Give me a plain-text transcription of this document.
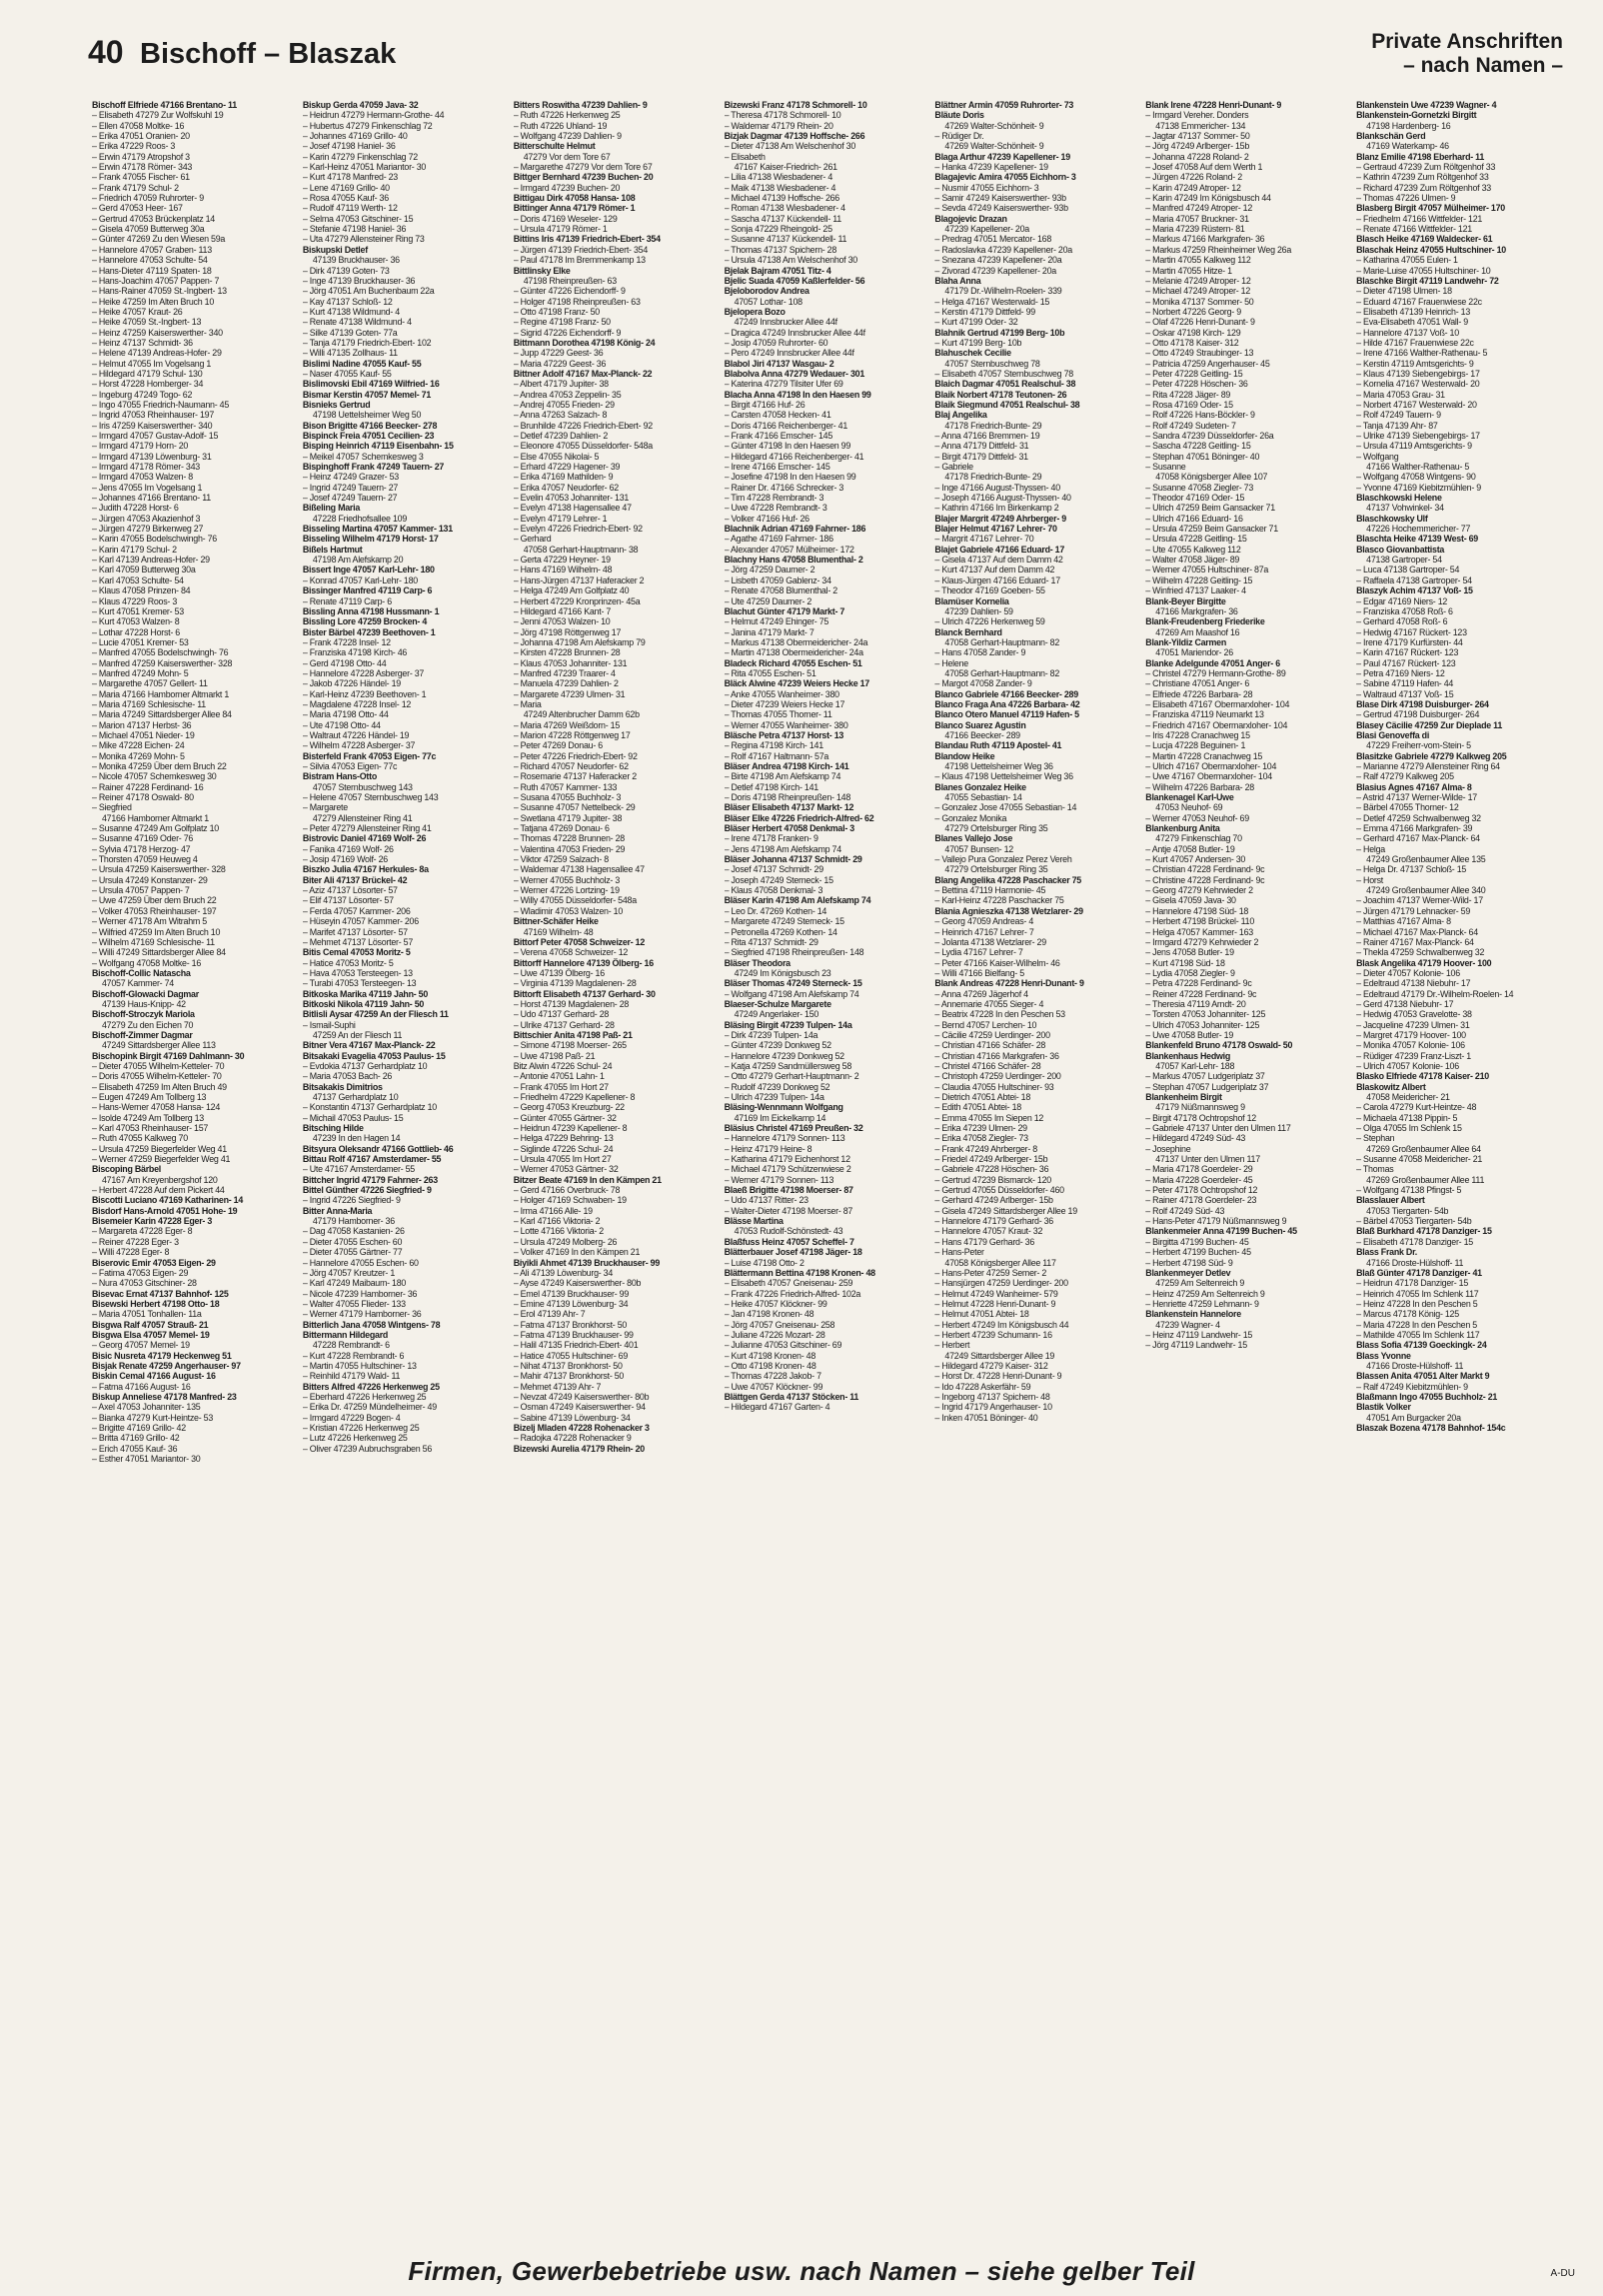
40 Bischoff – Blaszak	Private Anschriften
– nach Namen –
Bischoff Elfriede 47166 Brentano- 11
– Elisabeth 47279 Zur Wolfskuhl 19
– Ellen 47058 Moltke- 16
– Erika 47051 Oranien- 20
– Erika 47229 Roos- 3
– Erwin 47179 Atropshof 3
– Erwin 47178 Römer- 343
– Frank 47055 Fischer- 61
– Frank 47179 Schul- 2
– Friedrich 47059 Ruhrorter- 9
– Gerd 47053 Heer- 167
– Gertrud 47053 Brückenplatz 14
– Gisela 47059 Butterweg 30a
– Günter 47269 Zu den Wiesen 59a
– Hannelore 47057 Graben- 113
– Hannelore 47053 Schulte- 54
– Hans-Dieter 47119 Spaten- 18
– Hans-Joachim 47057 Pappen- 7
– Hans-Rainer 47059 St.-Ingbert- 13
– Heike 47259 Im Alten Bruch 10
– Heike 47057 Kraut- 26
– Heike 47059 St.-Ingbert- 13
– Heinz 47259 Kaiserswerther- 340
– Heinz 47137 Schmidt- 36
– Helene 47139 Andreas-Hofer- 29
– Helmut 47055 Im Vogelsang 1
– Hildegard 47179 Schul- 130
– Horst 47228 Homberger- 34
– Ingeburg 47249 Togo- 62
– Ingo 47055 Friedrich-Naumann- 45
– Ingrid 47053 Rheinhauser- 197
– Iris 47259 Kaiserswerther- 340
– Irmgard 47057 Gustav-Adolf- 15
– Irmgard 47179 Horn- 20
– Irmgard 47139 Löwenburg- 31
– Irmgard 47178 Römer- 343
– Irmgard 47053 Walzen- 8
– Jens 47055 Im Vogelsang 1
– Johannes 47166 Brentano- 11
– Judith 47228 Horst- 6
– Jürgen 47053 Akazienhof 3
– Jürgen 47279 Birkenweg 27
– Karin 47055 Bodelschwingh- 76
– Karin 47179 Schul- 2
– Karl 47139 Andreas-Hofer- 29
– Karl 47059 Butterweg 30a
– Karl 47053 Schulte- 54
– Klaus 47058 Prinzen- 84
– Klaus 47229 Roos- 3
– Kurt 47051 Kremer- 53
– Kurt 47053 Walzen- 8
– Lothar 47228 Horst- 6
– Lucie 47051 Kremer- 53
– Manfred 47055 Bodelschwingh- 76
– Manfred 47259 Kaiserswerther- 328
– Manfred 47249 Mohn- 5
– Margarethe 47057 Gellert- 11
– Maria 47166 Hamborner Altmarkt 1
– Maria 47169 Schlesische- 11
– Maria 47249 Sittardsberger Allee 84
– Marion 47137 Herbst- 36
– Michael 47051 Nieder- 19
– Mike 47228 Eichen- 24
– Monika 47269 Mohn- 5
– Monika 47259 Über dem Bruch 22
– Nicole 47057 Schemkesweg 30
– Rainer 47228 Ferdinand- 16
– Reiner 47178 Oswald- 80
– Siegfried
47166 Hamborner Altmarkt 1
– Susanne 47249 Am Golfplatz 10
– Susanne 47169 Oder- 76
– Sylvia 47178 Herzog- 47
– Thorsten 47059 Heuweg 4
– Ursula 47259 Kaiserswerther- 328
– Ursula 47249 Konstanzer- 29
– Ursula 47057 Pappen- 7
– Uwe 47259 Über dem Bruch 22
– Volker 47053 Rheinhauser- 197
– Werner 47178 Am Witrahm 5
– Wilfried 47259 Im Alten Bruch 10
– Wilhelm 47169 Schlesische- 11
– Willi 47249 Sittardsberger Allee 84
– Wolfgang 47058 Moltke- 16
Bischoff-Collic Natascha
47057 Kammer- 74
Bischoff-Glowacki Dagmar
47139 Haus-Knipp- 42
Bischoff-Stroczyk Mariola
47279 Zu den Eichen 70
Bischoff-Zimmer Dagmar
47249 Sittardsberger Allee 113
Bischopink Birgit 47169 Dahlmann- 30
– Dieter 47055 Wilhelm-Ketteler- 70
– Doris 47055 Wilhelm-Ketteler- 70
– Elisabeth 47259 Im Alten Bruch 49
– Eugen 47249 Am Tollberg 13
– Hans-Werner 47058 Hansa- 124
– Isolde 47249 Am Tollberg 13
– Karl 47053 Rheinhauser- 157
– Ruth 47055 Kalkweg 70
– Ursula 47259 Biegerfelder Weg 41
– Werner 47259 Biegerfelder Weg 41
Biscoping Bärbel
47167 Am Kreyenbergshof 120
– Herbert 47228 Auf dem Pickert 44
Biscotti Luciano 47169 Katharinen- 14
Bisdorf Hans-Arnold 47051 Hohe- 19
Bisemeier Karin 47228 Eger- 3
– Margareta 47228 Eger- 8
– Reiner 47228 Eger- 3
– Willi 47228 Eger- 8
Biserovic Emir 47053 Eigen- 29
– Fatima 47053 Eigen- 29
– Nura 47053 Gitschiner- 28
Bisevac Ernat 47137 Bahnhof- 125
Bisewski Herbert 47198 Otto- 18
– Maria 47051 Tonhallen- 11a
Bisgwa Ralf 47057 Strauß- 21
Bisgwa Elsa 47057 Memel- 19
– Georg 47057 Memel- 19
Bisic Nusreta 47179 Heckenweg 51
Bisjak Renate 47259 Angerhauser- 97
Biskin Cemal 47166 August- 16
– Fatma 47166 August- 16
Biskup Anneliese 47178 Manfred- 23
– Axel 47053 Johanniter- 135
– Bianka 47279 Kurt-Heintze- 53
– Brigitte 47169 Grillo- 42
– Britta 47169 Grillo- 42
– Erich 47055 Kauf- 36
– Esther 47051 Mariantor- 30
Biskup Gerda 47059 Java- 32
– Heidrun 47279 Hermann-Grothe- 44
– Hubertus 47279 Finkenschlag 72
– Johannes 47169 Grillo- 40
– Josef 47198 Haniel- 36
– Karin 47279 Finkenschlag 72
– Karl-Heinz 47051 Mariantor- 30
– Kurt 47178 Manfred- 23
– Lene 47169 Grillo- 40
– Rosa 47055 Kauf- 36
– Rudolf 47119 Werth- 12
– Selma 47053 Gitschiner- 15
– Stefanie 47198 Haniel- 36
– Uta 47279 Allensteiner Ring 73
Biskupski Detlef
47139 Bruckhauser- 36
– Dirk 47139 Goten- 73
– Inge 47139 Bruckhauser- 36
– Jörg 47051 Am Buchenbaum 22a
– Kay 47137 Schloß- 12
– Kurt 47138 Wildmund- 4
– Renate 47138 Wildmund- 4
– Silke 47139 Goten- 77a
– Tanja 47179 Friedrich-Ebert- 102
– Willi 47135 Zollhaus- 11
Bislimi Nadine 47055 Kauf- 55
– Naser 47055 Kauf- 55
Bislimovski Ebil 47169 Wilfried- 16
Bismar Kerstin 47057 Memel- 71
Bisnieks Gertrud
47198 Uettelsheimer Weg 50
Bison Brigitte 47166 Beecker- 278
Bispinck Freia 47051 Cecilien- 23
Bisping Heinrich 47119 Eisenbahn- 15
– Meikel 47057 Schemkesweg 3
Bispinghoff Frank 47249 Tauern- 27
– Heinz 47249 Grazer- 53
– Ingrid 47249 Tauern- 27
– Josef 47249 Tauern- 27
Bißeling Maria
47228 Friedhofsallee 109
Bisseling Martina 47057 Kammer- 131
Bisseling Wilhelm 47179 Horst- 17
Bißels Hartmut
47198 Am Alefskamp 20
Bissert Inge 47057 Karl-Lehr- 180
– Konrad 47057 Karl-Lehr- 180
Bissinger Manfred 47119 Carp- 6
– Renate 47119 Carp- 6
Bissling Anna 47198 Hussmann- 1
Bissling Lore 47259 Brocken- 4
Bister Bärbel 47239 Beethoven- 1
– Frank 47228 Insel- 12
– Franziska 47198 Kirch- 46
– Gerd 47198 Otto- 44
– Hannelore 47228 Asberger- 37
– Jakob 47226 Händel- 19
– Karl-Heinz 47239 Beethoven- 1
– Magdalene 47228 Insel- 12
– Maria 47198 Otto- 44
– Ute 47198 Otto- 44
– Waltraut 47226 Händel- 19
– Wilhelm 47228 Asberger- 37
Bisterfeld Frank 47053 Eigen- 77c
– Silvia 47053 Eigen- 77c
Bistram Hans-Otto
47057 Sternbuschweg 143
– Helene 47057 Sternbuschweg 143
– Margarete
47279 Allensteiner Ring 41
– Peter 47279 Allensteiner Ring 41
Bistrovic Daniel 47169 Wolf- 26
– Fanika 47169 Wolf- 26
– Josip 47169 Wolf- 26
Biszko Julia 47167 Herkules- 8a
Biter Ali 47137 Brückel- 42
– Aziz 47137 Lösorter- 57
– Elif 47137 Lösorter- 57
– Ferda 47057 Kammer- 206
– Hüseyin 47057 Kammer- 206
– Marifet 47137 Lösorter- 57
– Mehmet 47137 Lösorter- 57
Bitis Cemal 47053 Moritz- 5
– Hatice 47053 Moritz- 5
– Hava 47053 Tersteegen- 13
– Turabi 47053 Tersteegen- 13
Bitkoska Marika 47119 Jahn- 50
Bitkoski Nikola 47119 Jahn- 50
Bitlisli Aysar 47259 An der Fliesch 11
– Ismail-Suphi
47259 An der Fliesch 11
Bitner Vera 47167 Max-Planck- 22
Bitsakaki Evagelia 47053 Paulus- 15
– Evdokia 47137 Gerhardplatz 10
– Maria 47053 Bach- 26
Bitsakakis Dimitrios
47137 Gerhardplatz 10
– Konstantin 47137 Gerhardplatz 10
– Michail 47053 Paulus- 15
Bitsching Hilde
47239 In den Hagen 14
Bitsyura Oleksandr 47166 Gottlieb- 46
Bittau Rolf 47167 Amsterdamer- 55
– Ute 47167 Amsterdamer- 55
Bittcher Ingrid 47179 Fahrner- 263
Bittel Günther 47226 Siegfried- 9
– Ingrid 47226 Siegfried- 9
Bitter Anna-Maria
47179 Hamborner- 36
– Dag 47058 Kastanien- 26
– Dieter 47055 Eschen- 60
– Dieter 47055 Gärtner- 77
– Hannelore 47055 Eschen- 60
– Jörg 47057 Kreutzer- 1
– Karl 47249 Maibaum- 180
– Nicole 47239 Hamborner- 36
– Walter 47055 Flieder- 133
– Werner 47179 Hamborner- 36
Bitterlich Jana 47058 Wintgens- 78
Bittermann Hildegard
47228 Rembrandt- 6
– Kurt 47228 Rembrandt- 6
– Martin 47055 Hultschiner- 13
– Reinhild 47179 Wald- 11
Bitters Alfred 47226 Herkenweg 25
– Eberhard 47226 Herkenweg 25
– Erika Dr. 47259 Mündelheimer- 49
– Irmgard 47229 Bogen- 4
– Kristian 47226 Herkenweg 25
– Lutz 47226 Herkenweg 25
– Oliver 47239 Aubruchsgraben 56
Bitters Roswitha 47239 Dahlien- 9
– Ruth 47226 Herkenweg 25
– Ruth 47226 Uhland- 19
– Wolfgang 47239 Dahlien- 9
Bitterschulte Helmut
47279 Vor dem Tore 67
– Margarethe 47279 Vor dem Tore 67
Bittger Bernhard 47239 Buchen- 20
– Irmgard 47239 Buchen- 20
Bittigau Dirk 47058 Hansa- 108
Bittinger Anna 47179 Römer- 1
– Doris 47169 Weseler- 129
– Ursula 47179 Römer- 1
Bittins Iris 47139 Friedrich-Ebert- 354
– Jürgen 47139 Friedrich-Ebert- 354
– Paul 47178 Im Bremmenkamp 13
Bittlinsky Elke
47198 Rheinpreußen- 63
– Günter 47226 Eichendorff- 9
– Holger 47198 Rheinpreußen- 63
– Otto 47198 Franz- 50
– Regine 47198 Franz- 50
– Sigrid 47226 Eichendorff- 9
Bittmann Dorothea 47198 König- 24
– Jupp 47229 Geest- 36
– Maria 47229 Geest- 36
Bittner Adolf 47167 Max-Planck- 22
– Albert 47179 Jupiter- 38
– Andrea 47053 Zeppelin- 35
– Andrej 47055 Frieden- 29
– Anna 47263 Salzach- 8
– Brunhilde 47226 Friedrich-Ebert- 92
– Detlef 47239 Dahlien- 2
– Eleonore 47055 Düsseldorfer- 548a
– Else 47055 Nikolai- 5
– Erhard 47229 Hagener- 39
– Erika 47169 Mathilden- 9
– Erika 47057 Neudorfer- 62
– Evelin 47053 Johanniter- 131
– Evelyn 47138 Hagensallee 47
– Evelyn 47179 Lehrer- 1
– Evelyn 47226 Friedrich-Ebert- 92
– Gerhard
47058 Gerhart-Hauptmann- 38
– Gerta 47229 Heyner- 19
– Hans 47169 Wilhelm- 48
– Hans-Jürgen 47137 Haferacker 2
– Helga 47249 Am Golfplatz 40
– Herbert 47229 Kronprinzen- 45a
– Hildegard 47166 Kant- 7
– Jenni 47053 Walzen- 10
– Jörg 47198 Röttgenweg 17
– Johanna 47198 Am Alefskamp 79
– Kirsten 47228 Brunnen- 28
– Klaus 47053 Johanniter- 131
– Manfred 47239 Traarer- 4
– Manuela 47239 Dahlien- 2
– Margarete 47239 Ulmen- 31
– Maria
47249 Altenbrucher Damm 62b
– Maria 47269 Weißdorn- 15
– Marion 47228 Röttgenweg 17
– Peter 47269 Donau- 6
– Peter 47226 Friedrich-Ebert- 92
– Richard 47057 Neudorfer- 62
– Rosemarie 47137 Haferacker 2
– Ruth 47057 Kammer- 133
– Susana 47055 Buchholz- 3
– Susanne 47057 Nettelbeck- 29
– Swetlana 47179 Jupiter- 38
– Tatjana 47269 Donau- 6
– Thomas 47228 Brunnen- 28
– Valentina 47053 Frieden- 29
– Viktor 47259 Salzach- 8
– Waldemar 47138 Hagensallee 47
– Werner 47055 Buchholz- 3
– Werner 47226 Lortzing- 19
– Willy 47055 Düsseldorfer- 548a
– Wladimir 47053 Walzen- 10
Bittner-Schäfer Heike
47169 Wilhelm- 48
Bittorf Peter 47058 Schweizer- 12
– Verena 47058 Schweizer- 12
Bittorff Hannelore 47139 Ölberg- 16
– Uwe 47139 Ölberg- 16
– Virginia 47139 Magdalenen- 28
Bittorft Elisabeth 47137 Gerhard- 30
– Horst 47139 Magdalenen- 28
– Udo 47137 Gerhard- 28
– Ulrike 47137 Gerhard- 28
Bittschier Anita 47198 Paß- 21
– Simone 47198 Moerser- 265
– Uwe 47198 Paß- 21
Bitz Alwin 47226 Schul- 24
– Antonie 47051 Lahn- 1
– Frank 47055 Im Hort 27
– Friedhelm 47229 Kapellener- 8
– Georg 47053 Kreuzburg- 22
– Günter 47055 Gärtner- 32
– Heidrun 47239 Kapellener- 8
– Helga 47229 Behring- 13
– Siglinde 47226 Schul- 24
– Ursula 47055 Im Hort 27
– Werner 47053 Gärtner- 32
Bitzer Beate 47169 In den Kämpen 21
– Gerd 47166 Overbruck- 78
– Holger 47169 Schwaben- 19
– Irma 47166 Alle- 19
– Karl 47166 Viktoria- 2
– Lotte 47166 Viktoria- 2
– Ursula 47249 Molberg- 26
– Volker 47169 In den Kämpen 21
Biyikli Ahmet 47139 Bruckhauser- 99
– Ali 47139 Löwenburg- 34
– Ayse 47249 Kaiserswerther- 80b
– Emel 47139 Bruckhauser- 99
– Emine 47139 Löwenburg- 34
– Erol 47139 Ahr- 7
– Fatma 47137 Bronkhorst- 50
– Fatma 47139 Bruckhauser- 99
– Halil 47135 Friedrich-Ebert- 401
– Hatice 47055 Hultschiner- 69
– Nihat 47137 Bronkhorst- 50
– Mahir 47137 Bronkhorst- 50
– Mehmet 47139 Ahr- 7
– Nevzat 47249 Kaiserswerther- 80b
– Osman 47249 Kaiserswerther- 94
– Sabine 47139 Löwenburg- 34
Bizelj Mladen 47228 Rohenacker 3
– Radojka 47228 Rohenacker 9
Bizewski Aurelia 47179 Rhein- 20
Bizewski Franz 47178 Schmorell- 10
– Theresa 47178 Schmorell- 10
– Waldemar 47179 Rhein- 20
Bizjak Dagmar 47139 Hoffsche- 266
– Dieter 47138 Am Welschenhof 30
– Elisabeth
47167 Kaiser-Friedrich- 261
– Lilia 47138 Wiesbadener- 4
– Maik 47138 Wiesbadener- 4
– Michael 47139 Hoffsche- 266
– Roman 47138 Wiesbadener- 4
– Sascha 47137 Kückendell- 11
– Sonja 47229 Rheingold- 25
– Susanne 47137 Kückendell- 11
– Thomas 47137 Spichern- 28
– Ursula 47138 Am Welschenhof 30
Bjelak Bajram 47051 Titz- 4
Bjelic Suada 47059 Kaßlerfelder- 56
Bjeloborodov Andrea
47057 Lothar- 108
Bjelopera Bozo
47249 Innsbrucker Allee 44f
– Dragica 47249 Innsbrucker Allee 44f
– Josip 47059 Ruhrorter- 60
– Pero 47249 Innsbrucker Allee 44f
Blabol Jiri 47137 Wasgau- 2
Blabolva Anna 47279 Wedauer- 301
– Katerina 47279 Tilsiter Ufer 69
Blacha Anna 47198 In den Haesen 99
– Birgit 47166 Huf- 26
– Carsten 47058 Hecken- 41
– Doris 47166 Reichenberger- 41
– Frank 47166 Emscher- 145
– Günter 47198 In den Haesen 99
– Hildegard 47166 Reichenberger- 41
– Irene 47166 Emscher- 145
– Josefine 47198 In den Haesen 99
– Rainer Dr. 47166 Schrecker- 3
– Tim 47228 Rembrandt- 3
– Uwe 47228 Rembrandt- 3
– Volker 47166 Huf- 26
Blachnik Adrian 47169 Fahrner- 186
– Agathe 47169 Fahrner- 186
– Alexander 47057 Mülheimer- 172
Blachny Hans 47058 Blumenthal- 2
– Jörg 47259 Daumer- 2
– Lisbeth 47059 Gablenz- 34
– Renate 47058 Blumenthal- 2
– Ute 47259 Daumer- 2
Blachut Günter 47179 Markt- 7
– Helmut 47249 Ehinger- 75
– Janina 47179 Markt- 7
– Markus 47138 Obermeidericher- 24a
– Martin 47138 Obermeidericher- 24a
Bladeck Richard 47055 Eschen- 51
– Rita 47055 Eschen- 51
Bläck Alwine 47239 Weiers Hecke 17
– Anke 47055 Wanheimer- 380
– Dieter 47239 Weiers Hecke 17
– Thomas 47055 Thorner- 11
– Werner 47055 Wanheimer- 380
Bläsche Petra 47137 Horst- 13
– Regina 47198 Kirch- 141
– Rolf 47167 Haltmann- 57a
Bläser Andrea 47198 Kirch- 141
– Birte 47198 Am Alefskamp 74
– Detlef 47198 Kirch- 141
– Doris 47198 Rheinpreußen- 148
Bläser Elisabeth 47137 Markt- 12
Bläser Elke 47226 Friedrich-Alfred- 62
Bläser Herbert 47058 Denkmal- 3
– Irene 47178 Franken- 9
– Jens 47198 Am Alefskamp 74
Bläser Johanna 47137 Schmidt- 29
– Josef 47137 Schmidt- 29
– Joseph 47249 Sterneck- 15
– Klaus 47058 Denkmal- 3
Bläser Karin 47198 Am Alefskamp 74
– Leo Dr. 47269 Kothen- 14
– Margarete 47249 Sterneck- 15
– Petronella 47269 Kothen- 14
– Rita 47137 Schmidt- 29
– Siegfried 47198 Rheinpreußen- 148
Bläser Theodora
47249 Im Königsbusch 23
Bläser Thomas 47249 Sterneck- 15
– Wolfgang 47198 Am Alefskamp 74
Blaeser-Schulze Margarete
47249 Angerlaker- 150
Bläsing Birgit 47239 Tulpen- 14a
– Dirk 47239 Tulpen- 14a
– Günter 47239 Donkweg 52
– Hannelore 47239 Donkweg 52
– Katja 47259 Sandmüllersweg 58
– Otto 47279 Gerhart-Hauptmann- 2
– Rudolf 47239 Donkweg 52
– Ulrich 47239 Tulpen- 14a
Bläsing-Wennmann Wolfgang
47169 Im Eickelkamp 14
Bläsius Christel 47169 Preußen- 32
– Hannelore 47179 Sonnen- 113
– Heinz 47179 Heine- 8
– Katharina 47179 Eichenhorst 12
– Michael 47179 Schützenwiese 2
– Werner 47179 Sonnen- 113
Blaeß Brigitte 47198 Moerser- 87
– Udo 47137 Ritter- 23
– Walter-Dieter 47198 Moerser- 87
Blässe Martina
47053 Rudolf-Schönstedt- 43
Blaßfuss Heinz 47057 Scheffel- 7
Blätterbauer Josef 47198 Jäger- 18
– Luise 47198 Otto- 2
Blättermann Bettina 47198 Kronen- 48
– Elisabeth 47057 Gneisenau- 259
– Frank 47226 Friedrich-Alfred- 102a
– Heike 47057 Klöckner- 99
– Jan 47198 Kronen- 48
– Jörg 47057 Gneisenau- 258
– Juliane 47226 Mozart- 28
– Julianne 47053 Gitschiner- 69
– Kurt 47198 Kronen- 48
– Otto 47198 Kronen- 48
– Thomas 47228 Jakob- 7
– Uwe 47057 Klöckner- 99
Blättgen Gerda 47137 Stöcken- 11
– Hildegard 47167 Garten- 4
Blättner Armin 47059 Ruhrorter- 73
Bläute Doris
47269 Walter-Schönheit- 9
– Rüdiger Dr.
47269 Walter-Schönheit- 9
Blaga Arthur 47239 Kapellener- 19
– Hanka 47239 Kapellener- 19
Blagajevic Amira 47055 Eichhorn- 3
– Nusmir 47055 Eichhorn- 3
– Samir 47249 Kaiserswerther- 93b
– Sevda 47249 Kaiserswerther- 93b
Blagojevic Drazan
47239 Kapellener- 20a
– Predrag 47051 Mercator- 168
– Radoslavka 47239 Kapellener- 20a
– Snezana 47239 Kapellener- 20a
– Zivorad 47239 Kapellener- 20a
Blaha Anna
47179 Dr.-Wilhelm-Roelen- 339
– Helga 47167 Westerwald- 15
– Kerstin 47179 Dittfeld- 99
– Kurt 47199 Oder- 32
Blahnik Gertrud 47199 Berg- 10b
– Kurt 47199 Berg- 10b
Blahuschek Cecilie
47057 Sternbuschweg 78
– Elisabeth 47057 Sternbuschweg 78
Blaich Dagmar 47051 Realschul- 38
Blaik Norbert 47178 Teutonen- 26
Blaik Siegmund 47051 Realschul- 38
Blaj Angelika
47178 Friedrich-Bunte- 29
– Anna 47166 Bremmen- 19
– Anna 47179 Dittfeld- 31
– Birgit 47179 Dittfeld- 31
– Gabriele
47178 Friedrich-Bunte- 29
– Inge 47166 August-Thyssen- 40
– Joseph 47166 August-Thyssen- 40
– Kathrin 47166 Im Birkenkamp 2
Blajer Margrit 47249 Ahrberger- 9
Blajer Helmut 47167 Lehrer- 70
– Margrit 47167 Lehrer- 70
Blajet Gabriele 47166 Eduard- 17
– Gisela 47137 Auf dem Damm 42
– Kurt 47137 Auf dem Damm 42
– Klaus-Jürgen 47166 Eduard- 17
– Theodor 47169 Goeben- 55
Blamüser Kornelia
47239 Dahlien- 59
– Ulrich 47226 Herkenweg 59
Blanck Bernhard
47058 Gerhart-Hauptmann- 82
– Hans 47058 Zander- 9
– Helene
47058 Gerhart-Hauptmann- 82
– Margot 47058 Zander- 9
Blanco Gabriele 47166 Beecker- 289
Blanco Fraga Ana 47226 Barbara- 42
Blanco Otero Manuel 47119 Hafen- 5
Blanco Suarez Agustin
47166 Beecker- 289
Blandau Ruth 47119 Apostel- 41
Blandow Heike
47198 Uettelsheimer Weg 36
– Klaus 47198 Uettelsheimer Weg 36
Blanes Gonzalez Heike
47055 Sebastian- 14
– Gonzalez Jose 47055 Sebastian- 14
– Gonzalez Monika
47279 Ortelsburger Ring 35
Blanes Vallejo Jose
47057 Bunsen- 12
– Vallejo Pura Gonzalez Perez Vereh
47279 Ortelsburger Ring 35
Blang Angelika 47228 Paschacker 75
– Bettina 47119 Harmonie- 45
– Karl-Heinz 47228 Paschacker 75
Blania Agnieszka 47138 Wetzlarer- 29
– Georg 47059 Andreas- 4
– Heinrich 47167 Lehrer- 7
– Jolanta 47138 Wetzlarer- 29
– Lydia 47167 Lehrer- 7
– Peter 47166 Kaiser-Wilhelm- 46
– Willi 47166 Bielfang- 5
Blank Andreas 47228 Henri-Dunant- 9
– Anna 47269 Jägerhof 4
– Annemarie 47055 Sieger- 4
– Beatrix 47228 In den Peschen 53
– Bernd 47057 Lerchen- 10
– Cäcilie 47259 Uerdinger- 200
– Christian 47166 Schäfer- 28
– Christian 47166 Markgrafen- 36
– Christel 47166 Schäfer- 28
– Christoph 47259 Uerdinger- 200
– Claudia 47055 Hultschiner- 93
– Dietrich 47051 Abtei- 18
– Edith 47051 Abtei- 18
– Emma 47055 Im Siepen 12
– Erika 47239 Ulmen- 29
– Erika 47058 Ziegler- 73
– Frank 47249 Ahrberger- 8
– Friedel 47249 Arlberger- 15b
– Gabriele 47228 Höschen- 36
– Gertrud 47239 Bismarck- 120
– Gertrud 47055 Düsseldorfer- 460
– Gerhard 47249 Arlberger- 15b
– Gisela 47249 Sittardsberger Allee 19
– Hannelore 47179 Gerhard- 36
– Hannelore 47057 Kraut- 32
– Hans 47179 Gerhard- 36
– Hans-Peter
47058 Königsberger Allee 117
– Hans-Peter 47259 Semer- 2
– Hansjürgen 47259 Uerdinger- 200
– Helmut 47249 Wanheimer- 579
– Helmut 47228 Henri-Dunant- 9
– Helmut 47051 Abtei- 18
– Herbert 47249 Im Königsbusch 44
– Herbert 47239 Schumann- 16
– Herbert
47249 Sittardsberger Allee 19
– Hildegard 47279 Kaiser- 312
– Horst Dr. 47228 Henri-Dunant- 9
– Ido 47228 Askerfähr- 59
– Ingeborg 47137 Spichern- 48
– Ingrid 47179 Angerhauser- 10
– Inken 47051 Böninger- 40
Blank Irene 47228 Henri-Dunant- 9
– Irmgard Vereher. Donders
47138 Emmericher- 134
– Jagtar 47137 Sommer- 50
– Jörg 47249 Arlberger- 15b
– Johanna 47228 Roland- 2
– Josef 47058 Auf dem Werth 1
– Jürgen 47226 Roland- 2
– Karin 47249 Atroper- 12
– Karin 47249 Im Königsbusch 44
– Manfred 47249 Atroper- 12
– Maria 47057 Bruckner- 31
– Maria 47239 Rüstern- 81
– Markus 47166 Markgrafen- 36
– Markus 47259 Rheinheimer Weg 26a
– Martin 47055 Kalkweg 112
– Martin 47055 Hitze- 1
– Melanie 47249 Atroper- 12
– Michael 47249 Atroper- 12
– Monika 47137 Sommer- 50
– Norbert 47226 Georg- 9
– Olaf 47226 Henri-Dunant- 9
– Oskar 47198 Kirch- 129
– Otto 47178 Kaiser- 312
– Otto 47249 Straubinger- 13
– Patricia 47259 Angerhauser- 45
– Peter 47228 Geitling- 15
– Peter 47228 Höschen- 36
– Rita 47228 Jäger- 89
– Rosa 47169 Oder- 15
– Rolf 47226 Hans-Böckler- 9
– Rolf 47249 Sudeten- 7
– Sandra 47239 Düsseldorfer- 26a
– Sascha 47228 Geitling- 15
– Stephan 47051 Böninger- 40
– Susanne
47058 Königsberger Allee 107
– Susanne 47058 Ziegler- 73
– Theodor 47169 Oder- 15
– Ulrich 47259 Beim Gansacker 71
– Ulrich 47166 Eduard- 16
– Ursula 47259 Beim Gansacker 71
– Ursula 47228 Geitling- 15
– Ute 47055 Kalkweg 112
– Walter 47058 Jäger- 89
– Werner 47055 Hultschiner- 87a
– Wilhelm 47228 Geitling- 15
– Winfried 47137 Laaker- 4
Blank-Beyer Birgitte
47166 Markgrafen- 36
Blank-Freudenberg Friederike
47269 Am Maashof 16
Blank-Yildiz Carmen
47051 Mariendor- 26
Blanke Adelgunde 47051 Anger- 6
– Christel 47279 Hermann-Grothe- 89
– Christiane 47051 Anger- 6
– Elfriede 47226 Barbara- 28
– Elisabeth 47167 Obermarxloher- 104
– Franziska 47119 Neumarkt 13
– Friedrich 47167 Obermarxloher- 104
– Iris 47228 Cranachweg 15
– Lucja 47228 Beguinen- 1
– Martin 47228 Cranachweg 15
– Ulrich 47167 Obermarxloher- 104
– Uwe 47167 Obermarxloher- 104
– Wilhelm 47226 Barbara- 28
Blankenagel Karl-Uwe
47053 Neuhof- 69
– Werner 47053 Neuhof- 69
Blankenburg Anita
47279 Finkenschlag 70
– Antje 47058 Butler- 19
– Kurt 47057 Andersen- 30
– Christian 47228 Ferdinand- 9c
– Christine 47228 Ferdinand- 9c
– Georg 47279 Kehrwieder 2
– Gisela 47059 Java- 30
– Hannelore 47198 Süd- 18
– Herbert 47198 Brückel- 110
– Helga 47057 Kammer- 163
– Irmgard 47279 Kehrwieder 2
– Jens 47058 Butler- 19
– Kurt 47198 Süd- 18
– Lydia 47058 Ziegler- 9
– Petra 47228 Ferdinand- 9c
– Reiner 47228 Ferdinand- 9c
– Theresia 47119 Arndt- 20
– Torsten 47053 Johanniter- 125
– Ulrich 47053 Johanniter- 125
– Uwe 47058 Butler- 19
Blankenfeld Bruno 47178 Oswald- 50
Blankenhaus Hedwig
47057 Karl-Lehr- 188
– Markus 47057 Ludgeriplatz 37
– Stephan 47057 Ludgeriplatz 37
Blankenheim Birgit
47179 Nüßmannsweg 9
– Birgit 47178 Ochtropshof 12
– Gabriele 47137 Unter den Ulmen 117
– Hildegard 47249 Süd- 43
– Josephine
47137 Unter den Ulmen 117
– Maria 47178 Goerdeler- 29
– Maria 47228 Goerdeler- 45
– Peter 47178 Ochtropshof 12
– Rainer 47178 Goerdeler- 23
– Rolf 47249 Süd- 43
– Hans-Peter 47179 Nüßmannsweg 9
Blankenmeier Anna 47199 Buchen- 45
– Birgitta 47199 Buchen- 45
– Herbert 47199 Buchen- 45
– Herbert 47198 Süd- 9
Blankenmeyer Detlev
47259 Am Seltenreich 9
– Heinz 47259 Am Seltenreich 9
– Henriette 47259 Lehmann- 9
Blankenstein Hannelore
47239 Wagner- 4
– Heinz 47119 Landwehr- 15
– Jörg 47119 Landwehr- 15
Blankenstein Uwe 47239 Wagner- 4
Blankenstein-Gornetzki Birgitt
47198 Hardenberg- 16
Blankschän Gerd
47169 Waterkamp- 46
Blanz Emilie 47198 Eberhard- 11
– Gertraud 47239 Zum Röltgenhof 33
– Kathrin 47239 Zum Röltgenhof 33
– Richard 47239 Zum Röltgenhof 33
– Thomas 47226 Ulmen- 9
Blasberg Birgit 47057 Mülheimer- 170
– Friedhelm 47166 Wittfelder- 121
– Renate 47166 Wittfelder- 121
Blasch Heike 47169 Waldecker- 61
Blaschak Heinz 47055 Hultschiner- 10
– Katharina 47055 Eulen- 1
– Marie-Luise 47055 Hultschiner- 10
Blaschke Birgit 47119 Landwehr- 72
– Dieter 47198 Ulmen- 18
– Eduard 47167 Frauenwiese 22c
– Elisabeth 47139 Heinrich- 13
– Eva-Elisabeth 47051 Wall- 9
– Hannelore 47137 Voß- 10
– Hilde 47167 Frauenwiese 22c
– Irene 47166 Walther-Rathenau- 5
– Kerstin 47119 Amtsgerichts- 9
– Klaus 47139 Siebengebirgs- 17
– Kornelia 47167 Westerwald- 20
– Maria 47053 Grau- 31
– Norbert 47167 Westerwald- 20
– Rolf 47249 Tauern- 9
– Tanja 47139 Ahr- 87
– Ulrike 47139 Siebengebirgs- 17
– Ursula 47119 Amtsgerichts- 9
– Wolfgang
47166 Walther-Rathenau- 5
– Wolfgang 47058 Wintgens- 90
– Yvonne 47169 Kiebitzmühlen- 9
Blaschkowski Helene
47137 Vohwinkel- 34
Blaschkowsky Ulf
47226 Hochemmericher- 77
Blaschta Heike 47139 West- 69
Blasco Giovanbattista
47138 Gartroper- 54
– Luca 47138 Gartroper- 54
– Raffaela 47138 Gartroper- 54
Blaszyk Achim 47137 Voß- 15
– Edgar 47169 Niers- 12
– Franziska 47058 Roß- 6
– Gerhard 47058 Roß- 6
– Hedwig 47167 Rückert- 123
– Irene 47179 Kurfürsten- 44
– Karin 47167 Rückert- 123
– Paul 47167 Rückert- 123
– Petra 47169 Niers- 12
– Sabine 47119 Hafen- 44
– Waltraud 47137 Voß- 15
Blase Dirk 47198 Duisburger- 264
– Gertrud 47198 Duisburger- 264
Blasey Cäcilie 47259 Zur Dieplade 11
Blasi Genoveffa di
47229 Freiherr-vom-Stein- 5
Blasitzke Gabriele 47279 Kalkweg 205
– Marianne 47279 Allensteiner Ring 64
– Ralf 47279 Kalkweg 205
Blasius Agnes 47167 Alma- 8
– Astrid 47137 Werner-Wilde- 17
– Bärbel 47055 Thorner- 12
– Detlef 47259 Schwalbenweg 32
– Emma 47166 Markgrafen- 39
– Gerhard 47167 Max-Planck- 64
– Helga
47249 Großenbaumer Allee 135
– Helga Dr. 47137 Schloß- 15
– Horst
47249 Großenbaumer Allee 340
– Joachim 47137 Werner-Wild- 17
– Jürgen 47179 Lehnacker- 59
– Matthias 47167 Alma- 8
– Michael 47167 Max-Planck- 64
– Rainer 47167 Max-Planck- 64
– Thekla 47259 Schwalbenweg 32
Blask Angelika 47179 Hoover- 100
– Dieter 47057 Kolonie- 106
– Edeltraud 47138 Niebuhr- 17
– Edeltraud 47179 Dr.-Wilhelm-Roelen- 14
– Gerd 47138 Niebuhr- 17
– Hedwig 47053 Gravelotte- 38
– Jacqueline 47239 Ulmen- 31
– Margret 47179 Hoover- 100
– Monika 47057 Kolonie- 106
– Rüdiger 47239 Franz-Liszt- 1
– Ulrich 47057 Kolonie- 106
Blasko Elfriede 47178 Kaiser- 210
Blaskowitz Albert
47058 Meidericher- 21
– Carola 47279 Kurt-Heintze- 48
– Michaela 47138 Pippin- 5
– Olga 47055 Im Schlenk 15
– Stephan
47269 Großenbaumer Allee 64
– Susanne 47058 Meidericher- 21
– Thomas
47269 Großenbaumer Allee 111
– Wolfgang 47138 Pfingst- 5
Blasslauer Albert
47053 Tiergarten- 54b
– Bärbel 47053 Tiergarten- 54b
Blaß Burkhard 47178 Danziger- 15
– Elisabeth 47178 Danziger- 15
Blass Frank Dr.
47166 Droste-Hülshoff- 11
Blaß Günter 47178 Danziger- 41
– Heidrun 47178 Danziger- 15
– Heinrich 47055 Im Schlenk 117
– Heinz 47228 In den Peschen 5
– Marcus 47178 König- 125
– Maria 47228 In den Peschen 5
– Mathilde 47055 Im Schlenk 117
Blass Sofia 47139 Goeckingk- 24
Blass Yvonne
47166 Droste-Hülshoff- 11
Blassen Anita 47051 Alter Markt 9
– Ralf 47249 Kiebitzmühlen- 9
Blaßmann Ingo 47055 Buchholz- 21
Blastik Volker
47051 Am Burgacker 20a
Blaszak Bozena 47178 Bahnhof- 154c
Firmen, Gewerbebetriebe usw. nach Namen – siehe gelber Teil	A-DU
